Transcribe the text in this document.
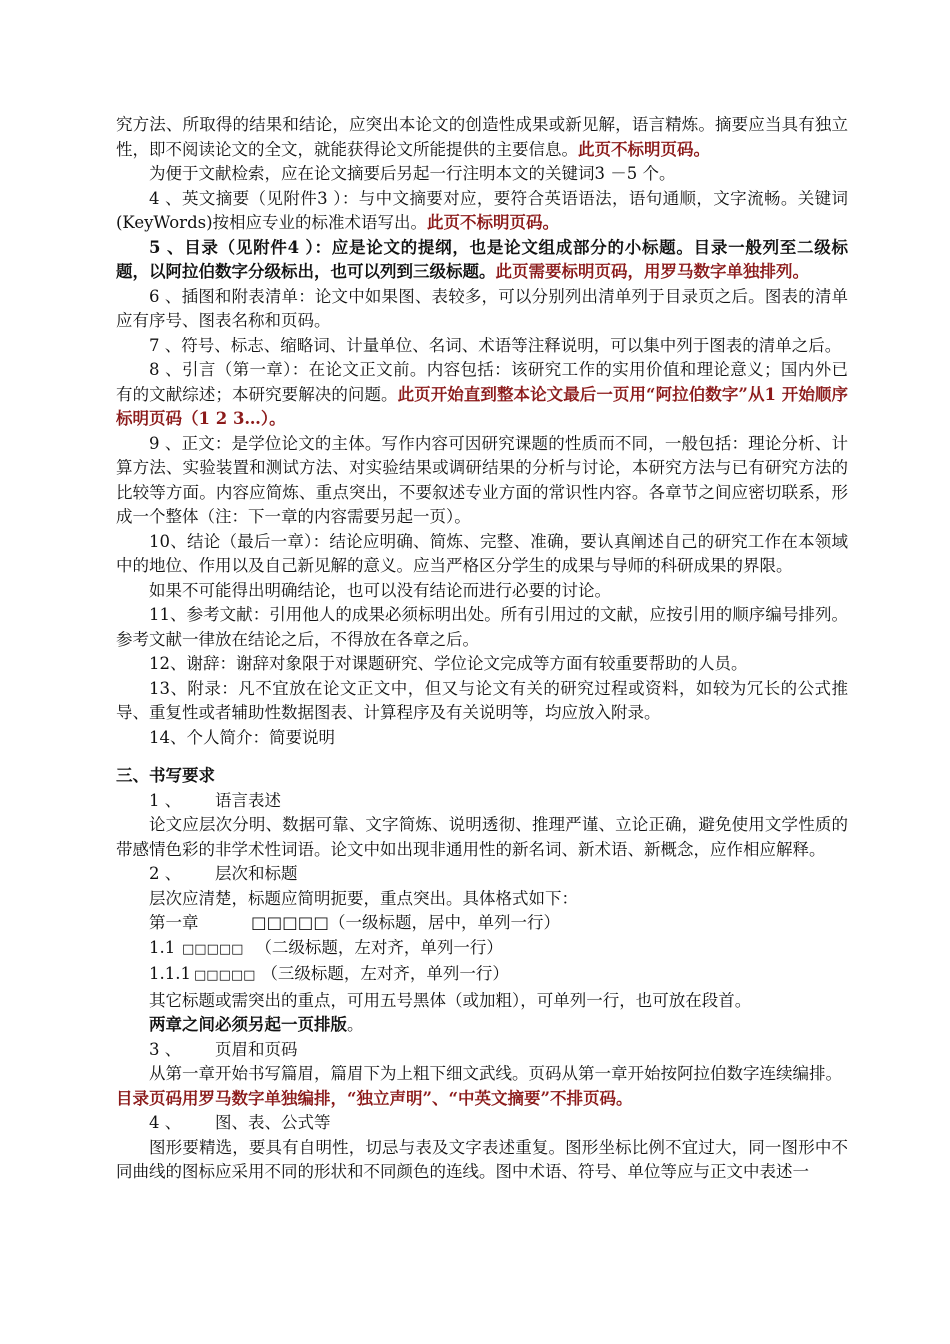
究方法、所取得的结果和结论，应突出本论文的创造性成果或新见解，语言精炼。摘要应当具有独立性，即不阅读论文的全文，就能获得论文所能提供的主要信息。此页不标明页码。

为便于文献检索，应在论文摘要后另起一行注明本文的关键词3 －5 个。

4 、英文摘要（见附件3 ）：与中文摘要对应，要符合英语语法，语句通顺，文字流畅。关键词(KeyWords)按相应专业的标准术语写出。此页不标明页码。

5 、目录（见附件4 ）：应是论文的提纲，也是论文组成部分的小标题。目录一般列至二级标题，以阿拉伯数字分级标出，也可以列到三级标题。此页需要标明页码，用罗马数字单独排列。

6 、插图和附表清单：论文中如果图、表较多，可以分别列出清单列于目录页之后。图表的清单应有序号、图表名称和页码。

7 、符号、标志、缩略词、计量单位、名词、术语等注释说明，可以集中列于图表的清单之后。

8 、引言（第一章）：在论文正文前。内容包括：该研究工作的实用价值和理论意义；国内外已有的文献综述；本研究要解决的问题。此页开始直到整本论文最后一页用“阿拉伯数字”从1 开始顺序标明页码（1 2 3…）。

9 、正文：是学位论文的主体。写作内容可因研究课题的性质而不同，一般包括：理论分析、计算方法、实验装置和测试方法、对实验结果或调研结果的分析与讨论，本研究方法与已有研究方法的比较等方面。内容应简炼、重点突出，不要叙述专业方面的常识性内容。各章节之间应密切联系，形成一个整体（注：下一章的内容需要另起一页）。

10、结论（最后一章）：结论应明确、简炼、完整、准确，要认真阐述自己的研究工作在本领域中的地位、作用以及自己新见解的意义。应当严格区分学生的成果与导师的科研成果的界限。

如果不可能得出明确结论，也可以没有结论而进行必要的讨论。

11、参考文献：引用他人的成果必须标明出处。所有引用过的文献，应按引用的顺序编号排列。参考文献一律放在结论之后，不得放在各章之后。

12、谢辞：谢辞对象限于对课题研究、学位论文完成等方面有较重要帮助的人员。

13、附录：凡不宜放在论文正文中，但又与论文有关的研究过程或资料，如较为冗长的公式推导、重复性或者辅助性数据图表、计算程序及有关说明等，均应放入附录。

14、个人简介：简要说明

三、书写要求

1 、 语言表述

论文应层次分明、数据可靠、文字简炼、说明透彻、推理严谨、立论正确，避免使用文学性质的带感情色彩的非学术性词语。论文中如出现非通用性的新名词、新术语、新概念，应作相应解释。

2 、 层次和标题

层次应清楚，标题应简明扼要，重点突出。具体格式如下：

第一章	□□□□□（一级标题，居中，单列一行）

1.1 □□□□□ （二级标题，左对齐，单列一行）

1.1.1 □□□□□ （三级标题，左对齐，单列一行）

其它标题或需突出的重点，可用五号黑体（或加粗），可单列一行，也可放在段首。

两章之间必须另起一页排版。

3 、 页眉和页码

从第一章开始书写篇眉，篇眉下为上粗下细文武线。页码从第一章开始按阿拉伯数字连续编排。

目录页码用罗马数字单独编排，“独立声明”、“中英文摘要”不排页码。

4 、 图、表、公式等

图形要精选，要具有自明性，切忌与表及文字表述重复。图形坐标比例不宜过大，同一图形中不同曲线的图标应采用不同的形状和不同颜色的连线。图中术语、符号、单位等应与正文中表述一
